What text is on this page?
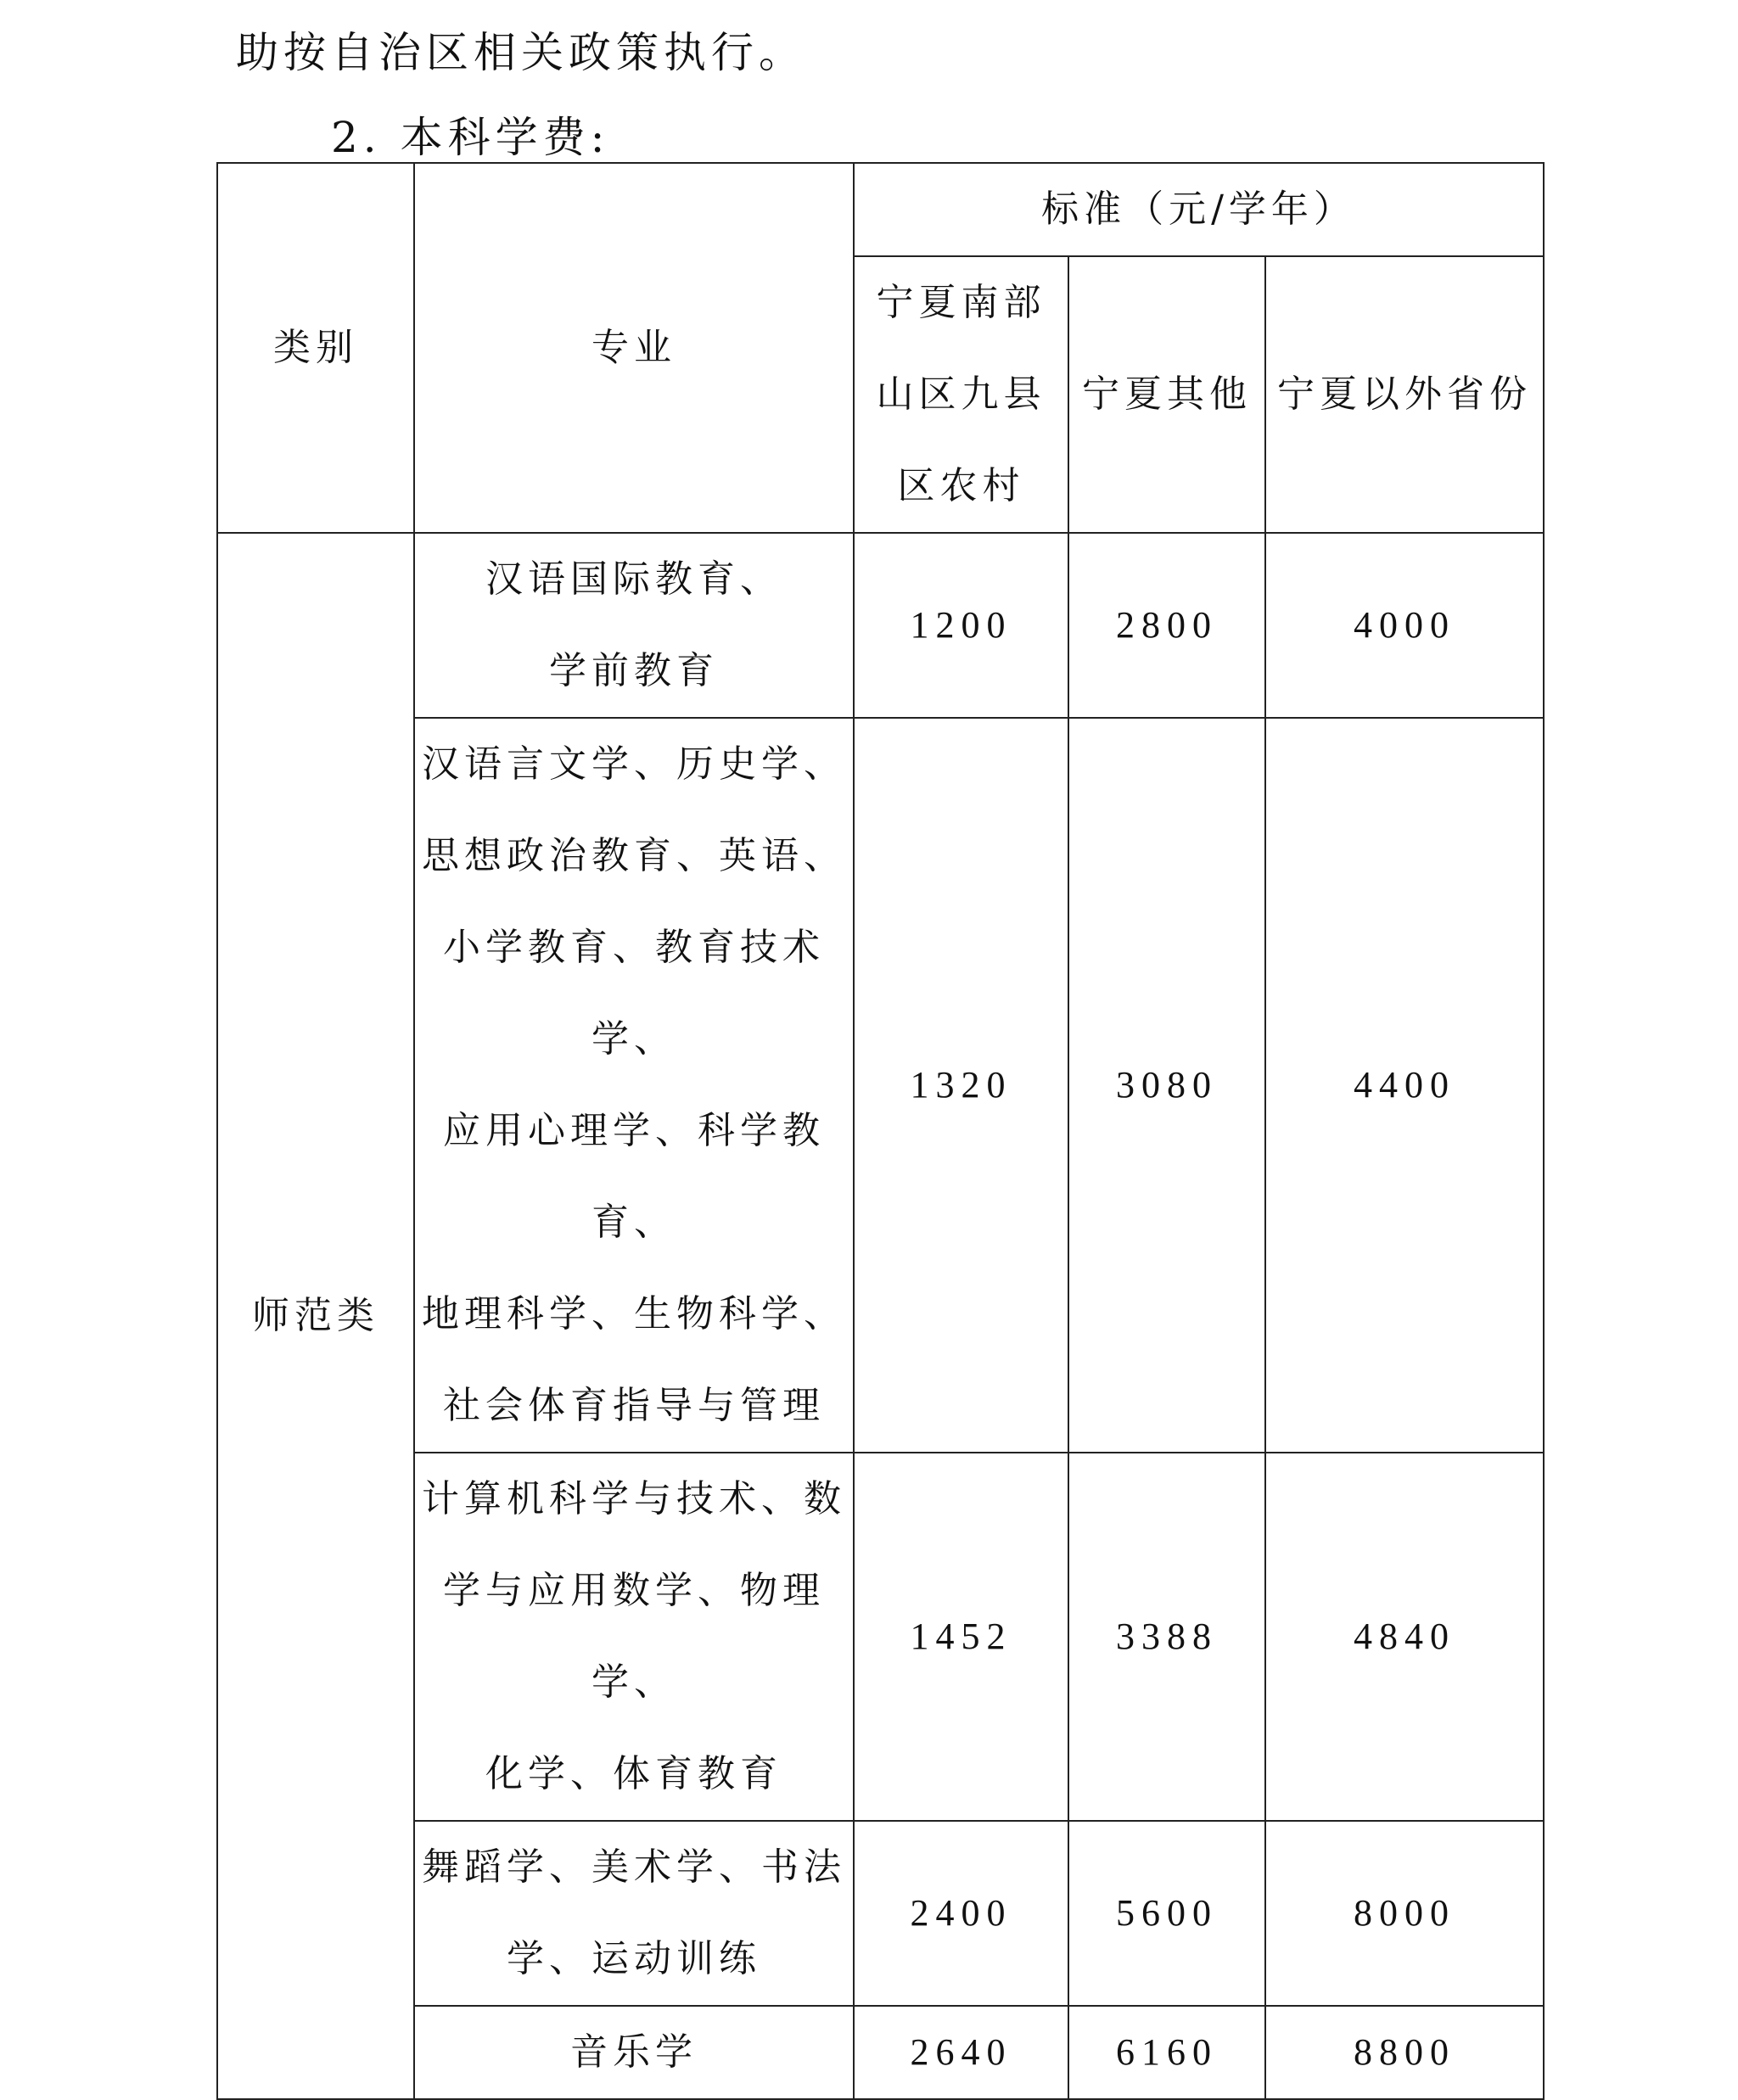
助按自治区相关政策执行。
2. 本科学费:
类别	专业	标准（元/学年）		

		宁夏南部
山区九县
区农村	宁夏其他	宁夏以外省份

师范类	汉语国际教育、
学前教育	1200	2800	4000

汉语言文学、历史学、
思想政治教育、英语、
小学教育、教育技术学、
应用心理学、科学教育、
地理科学、生物科学、
社会体育指导与管理
	1320	3080	4400

	计算机科学与技术、数
学与应用数学、物理学、
化学、体育教育	1452	3388	4840

	舞蹈学、美术学、书法
学、运动训练	2400	5600	8000

	音乐学	2640	6160	8800
